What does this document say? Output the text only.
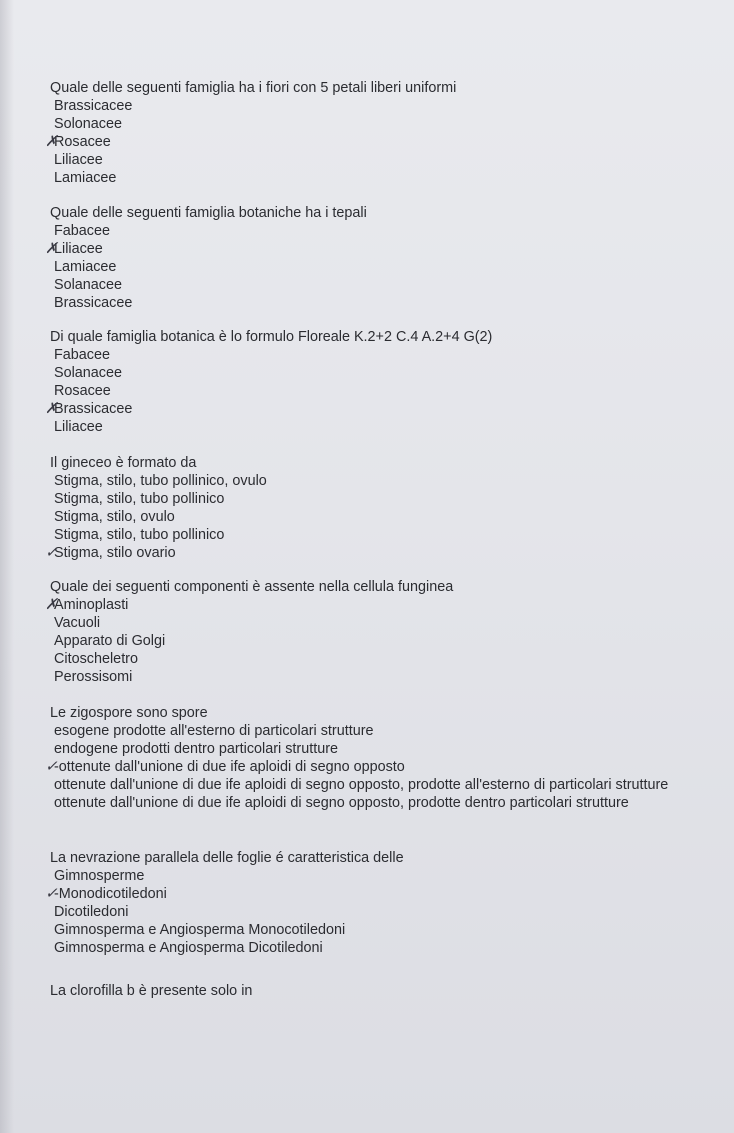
Quale delle seguenti famiglia ha i fiori con 5 petali liberi uniformi

Brassicacee

Solonacee

✗
Rosacee

Liliacee

Lamiacee

Quale delle seguenti famiglia botaniche ha i tepali

Fabacee

✗
Liliacee

Lamiacee

Solanacee

Brassicacee

Di quale famiglia botanica è lo formulo Floreale K.2+2 C.4 A.2+4 G(2)

Fabacee

Solanacee

Rosacee

✗
Brassicacee

Liliacee

Il gineceo è formato da

Stigma, stilo, tubo pollinico, ovulo

Stigma, stilo, tubo pollinico

Stigma, stilo, ovulo

Stigma, stilo, tubo pollinico

✓
Stigma, stilo ovario

Quale dei seguenti componenti è assente nella cellula funginea

✗
Aminoplasti

Vacuoli

Apparato di Golgi

Citoscheletro

Perossisomi

Le zigospore sono spore

esogene prodotte all'esterno di particolari strutture

endogene prodotti dentro particolari strutture

✓
-ottenute dall'unione di due ife aploidi di segno opposto

ottenute dall'unione di due ife aploidi di segno opposto, prodotte all'esterno di particolari strutture

ottenute dall'unione di due ife aploidi di segno opposto, prodotte dentro particolari strutture

La nevrazione parallela delle foglie é caratteristica delle

Gimnosperme

✓
-Monodicotiledoni

Dicotiledoni

Gimnosperma e Angiosperma Monocotiledoni

Gimnosperma e Angiosperma Dicotiledoni

La clorofilla b è presente solo in
